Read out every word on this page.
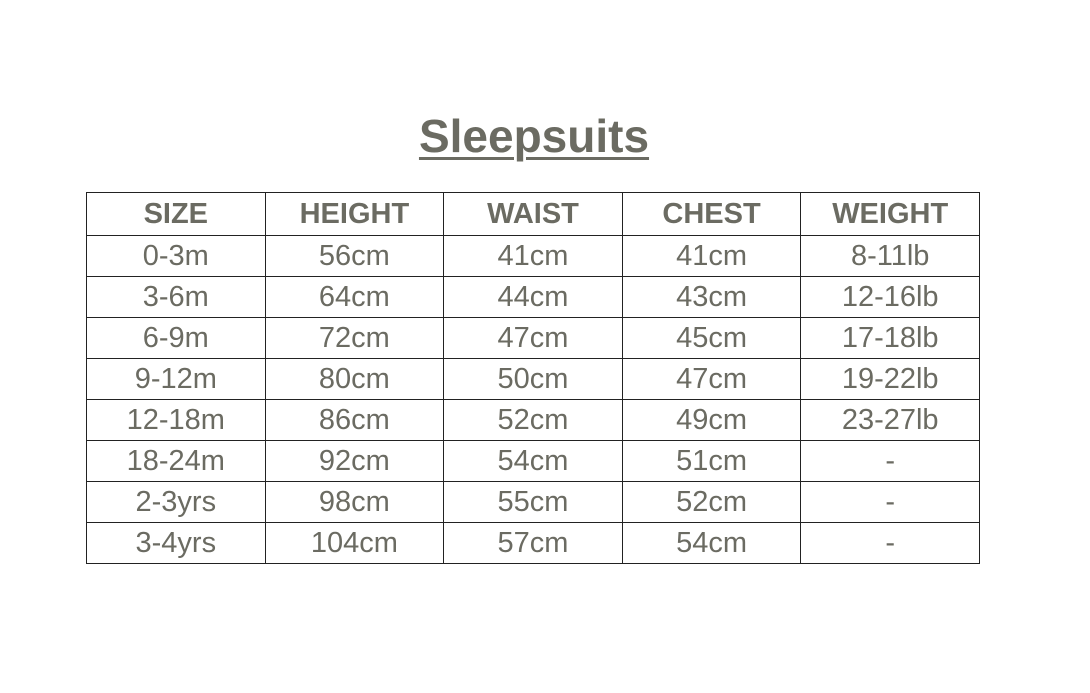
Sleepsuits
SIZE	HEIGHT	WAIST	CHEST	WEIGHT
0-3m	56cm	41cm	41cm	8-11lb
3-6m	64cm	44cm	43cm	12-16lb
6-9m	72cm	47cm	45cm	17-18lb
9-12m	80cm	50cm	47cm	19-22lb
12-18m	86cm	52cm	49cm	23-27lb
18-24m	92cm	54cm	51cm	-
2-3yrs	98cm	55cm	52cm	-
3-4yrs	104cm	57cm	54cm	-
